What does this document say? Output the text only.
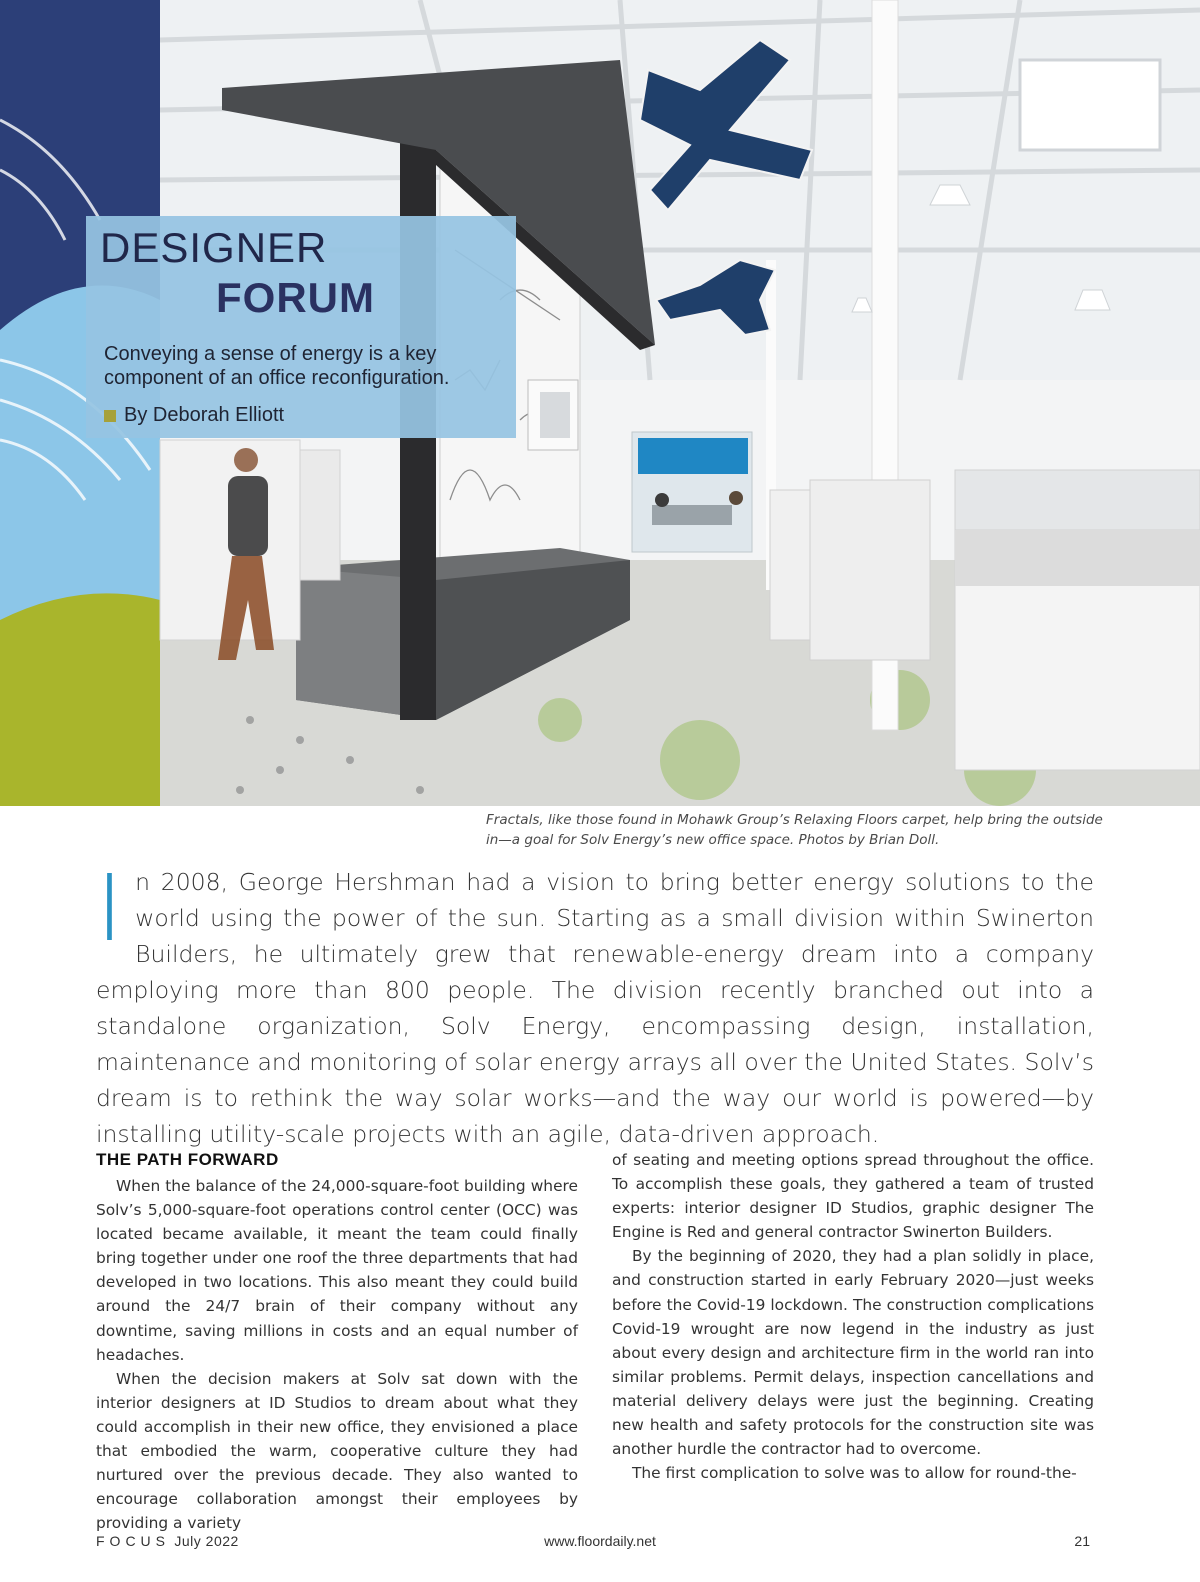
DESIGNER
FORUM
Conveying a sense of energy is a key component of an office reconfiguration.
By Deborah Elliott
Fractals, like those found in Mohawk Group’s Relaxing Floors carpet, help bring the outside in—a goal for Solv Energy’s new office space. Photos by Brian Doll.
In 2008, George Hershman had a vision to bring better energy solutions to the world using the power of the sun. Starting as a small division within Swinerton Builders, he ultimately grew that renewable-energy dream into a company employing more than 800 people. The division recently branched out into a standalone organization, Solv Energy, encompassing design, installation, maintenance and monitoring of solar energy arrays all over the United States. Solv’s dream is to rethink the way solar works—and the way our world is powered—by installing utility-scale projects with an agile, data-driven approach.
THE PATH FORWARD

When the balance of the 24,000-square-foot building where Solv’s 5,000-square-foot operations control center (OCC) was located became available, it meant the team could finally bring together under one roof the three departments that had developed in two locations. This also meant they could build around the 24/7 brain of their company without any downtime, saving millions in costs and an equal number of headaches.

When the decision makers at Solv sat down with the interior designers at ID Studios to dream about what they could accomplish in their new office, they envisioned a place that embodied the warm, cooperative culture they had nurtured over the previous decade. They also wanted to encourage collaboration amongst their employees by providing a variety

of seating and meeting options spread throughout the office. To accomplish these goals, they gathered a team of trusted experts: interior designer ID Studios, graphic designer The Engine is Red and general contractor Swinerton Builders.

By the beginning of 2020, they had a plan solidly in place, and construction started in early February 2020—just weeks before the Covid-19 lockdown. The construction complications Covid-19 wrought are now legend in the industry as just about every design and architecture firm in the world ran into similar problems. Permit delays, inspection cancellations and material delivery delays were just the beginning. Creating new health and safety protocols for the construction site was another hurdle the contractor had to overcome.

The first complication to solve was to allow for round-the-

FOCUS July 2022	www.floordaily.net	21
